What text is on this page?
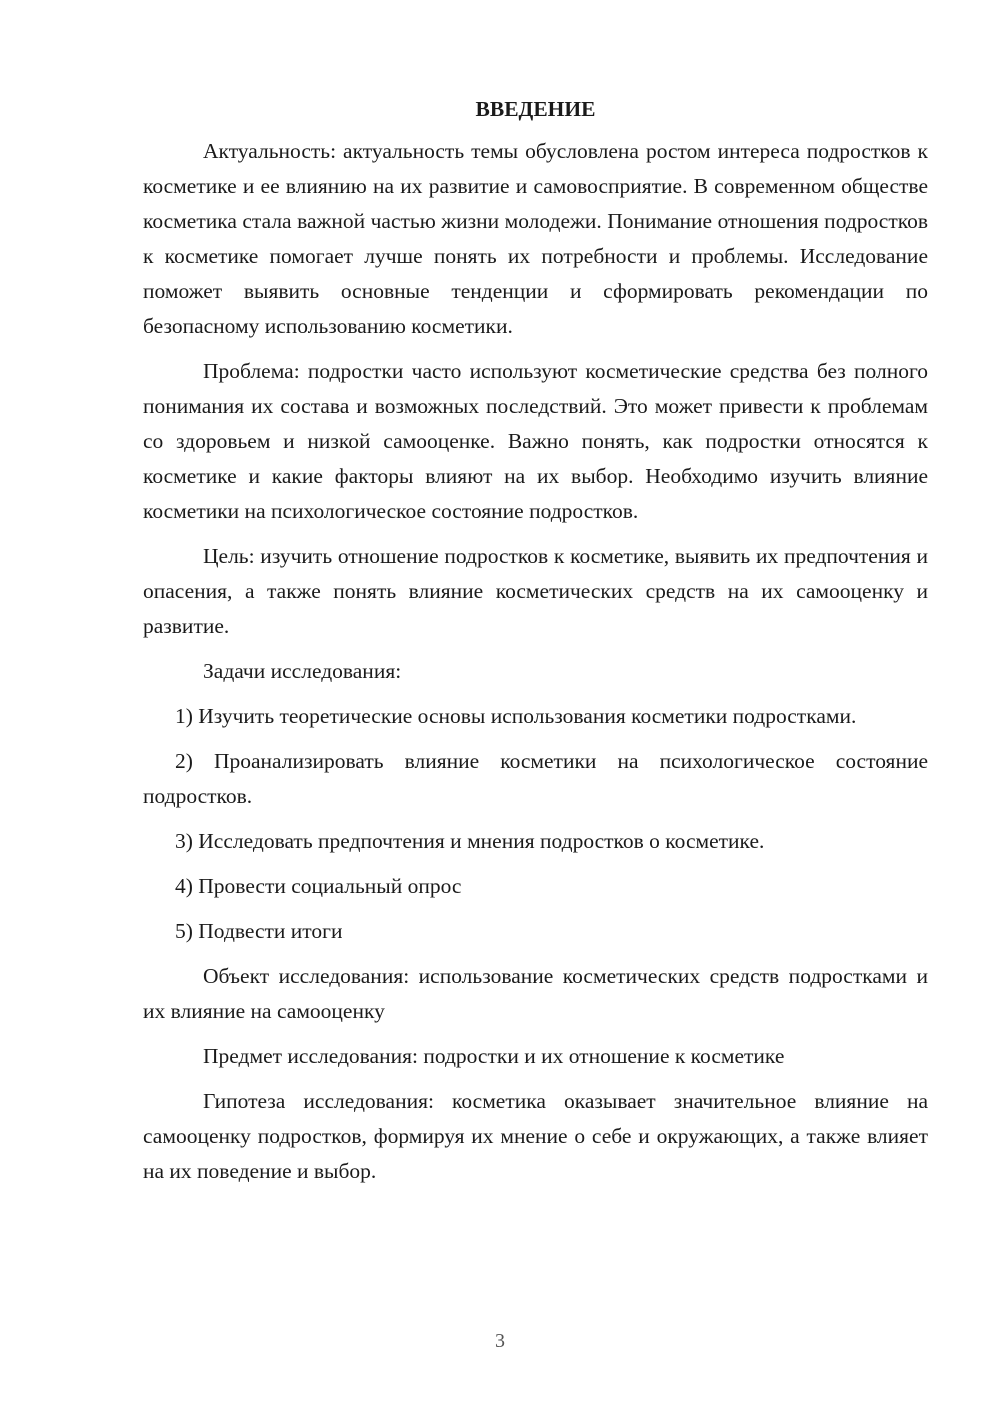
ВВЕДЕНИЕ

Актуальность: актуальность темы обусловлена ростом интереса подростков к косметике и ее влиянию на их развитие и самовосприятие. В современном обществе косметика стала важной частью жизни молодежи. Понимание отношения подростков к косметике помогает лучше понять их потребности и проблемы. Исследование поможет выявить основные тенденции и сформировать рекомендации по безопасному использованию косметики.

Проблема: подростки часто используют косметические средства без полного понимания их состава и возможных последствий. Это может привести к проблемам со здоровьем и низкой самооценке. Важно понять, как подростки относятся к косметике и какие факторы влияют на их выбор. Необходимо изучить влияние косметики на психологическое состояние подростков.

Цель: изучить отношение подростков к косметике, выявить их предпочтения и опасения, а также понять влияние косметических средств на их самооценку и развитие.

Задачи исследования:

1) Изучить теоретические основы использования косметики подростками.

2) Проанализировать влияние косметики на психологическое состояние подростков.

3) Исследовать предпочтения и мнения подростков о косметике.

4) Провести социальный опрос

5) Подвести итоги

Объект исследования: использование косметических средств подростками и их влияние на самооценку

Предмет исследования: подростки и их отношение к косметике

Гипотеза исследования: косметика оказывает значительное влияние на самооценку подростков, формируя их мнение о себе и окружающих, а также влияет на их поведение и выбор.

3
